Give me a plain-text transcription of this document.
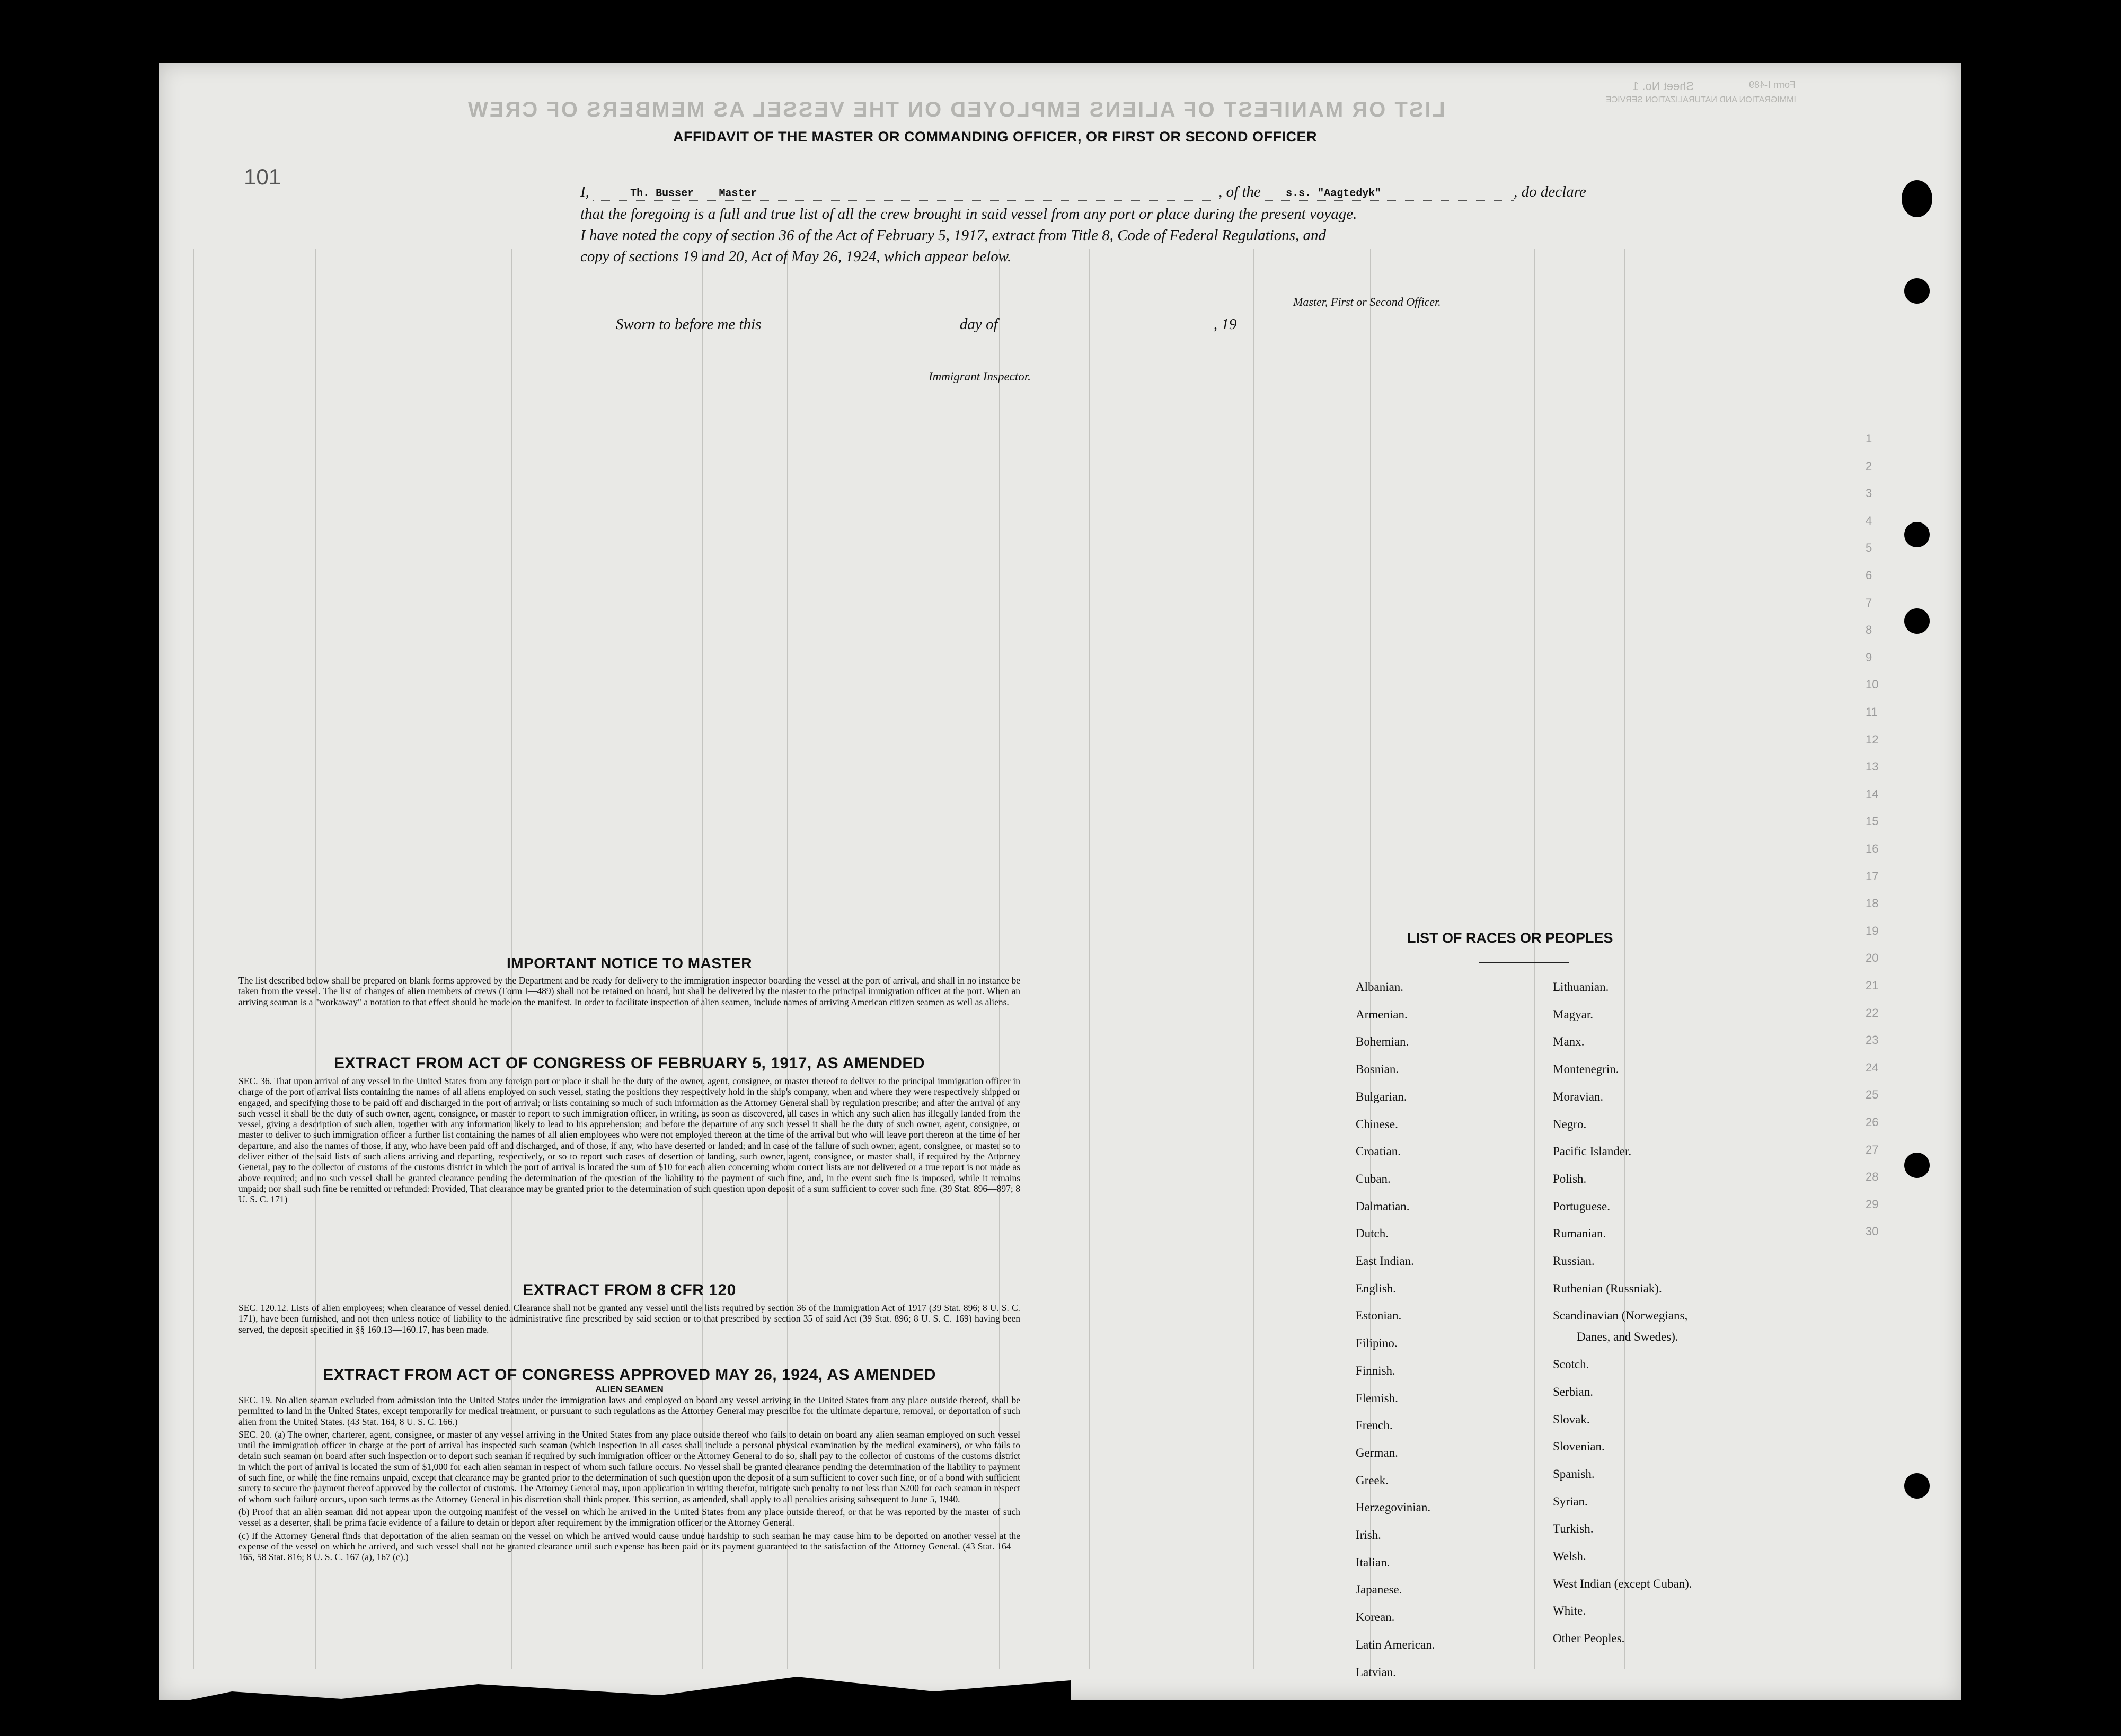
LIST OR MANIFEST OF ALIENS EMPLOYED ON THE VESSEL AS MEMBERS OF CREW
Sheet No. 1	Form I-489
IMMIGRATION AND NATURALIZATION SERVICE
101
1
2
3
4
5
6
7
8
9
10
11
12
13
14
15
16
17
18
19
20
21
22
23
24
25
26
27
28
29
30
AFFIDAVIT OF THE MASTER OR COMMANDING OFFICER, OR FIRST OR SECOND OFFICER
I,	Th. Busser Master	, of the s.s. "Aagtedyk"	, do declare
that the foregoing is a full and true list of all the crew brought in said vessel from any port or place during the present voyage.
I have noted the copy of section 36 of the Act of February 5, 1917, extract from Title 8, Code of Federal Regulations, and
copy of sections 19 and 20, Act of May 26, 1924, which appear below.
Master, First or Second Officer.
Sworn to before me this	day of	, 19
Immigrant Inspector.
IMPORTANT NOTICE TO MASTER

The list described below shall be prepared on blank forms approved by the Department and be ready for delivery to the immigration inspector boarding the vessel at the port of arrival, and shall in no instance be taken from the vessel. The list of changes of alien members of crews (Form I—489) shall not be retained on board, but shall be delivered by the master to the principal immigration officer at the port. When an arriving seaman is a "workaway" a notation to that effect should be made on the manifest. In order to facilitate inspection of alien seamen, include names of arriving American citizen seamen as well as aliens.

EXTRACT FROM ACT OF CONGRESS OF FEBRUARY 5, 1917, AS AMENDED

SEC. 36. That upon arrival of any vessel in the United States from any foreign port or place it shall be the duty of the owner, agent, consignee, or master thereof to deliver to the principal immigration officer in charge of the port of arrival lists containing the names of all aliens employed on such vessel, stating the positions they respectively hold in the ship's company, when and where they were respectively shipped or engaged, and specifying those to be paid off and discharged in the port of arrival; or lists containing so much of such information as the Attorney General shall by regulation prescribe; and after the arrival of any such vessel it shall be the duty of such owner, agent, consignee, or master to report to such immigration officer, in writing, as soon as discovered, all cases in which any such alien has illegally landed from the vessel, giving a description of such alien, together with any information likely to lead to his apprehension; and before the departure of any such vessel it shall be the duty of such owner, agent, consignee, or master to deliver to such immigration officer a further list containing the names of all alien employees who were not employed thereon at the time of the arrival but who will leave port thereon at the time of her departure, and also the names of those, if any, who have been paid off and discharged, and of those, if any, who have deserted or landed; and in case of the failure of such owner, agent, consignee, or master so to deliver either of the said lists of such aliens arriving and departing, respectively, or so to report such cases of desertion or landing, such owner, agent, consignee, or master shall, if required by the Attorney General, pay to the collector of customs of the customs district in which the port of arrival is located the sum of $10 for each alien concerning whom correct lists are not delivered or a true report is not made as above required; and no such vessel shall be granted clearance pending the determination of the question of the liability to the payment of such fine, and, in the event such fine is imposed, while it remains unpaid; nor shall such fine be remitted or refunded: Provided, That clearance may be granted prior to the determination of such question upon deposit of a sum sufficient to cover such fine. (39 Stat. 896—897; 8 U. S. C. 171)

EXTRACT FROM 8 CFR 120

SEC. 120.12. Lists of alien employees; when clearance of vessel denied. Clearance shall not be granted any vessel until the lists required by section 36 of the Immigration Act of 1917 (39 Stat. 896; 8 U. S. C. 171), have been furnished, and not then unless notice of liability to the administrative fine prescribed by said section or to that prescribed by section 35 of said Act (39 Stat. 896; 8 U. S. C. 169) having been served, the deposit specified in §§ 160.13—160.17, has been made.

EXTRACT FROM ACT OF CONGRESS APPROVED MAY 26, 1924, AS AMENDED
ALIEN SEAMEN

SEC. 19. No alien seaman excluded from admission into the United States under the immigration laws and employed on board any vessel arriving in the United States from any place outside thereof, shall be permitted to land in the United States, except temporarily for medical treatment, or pursuant to such regulations as the Attorney General may prescribe for the ultimate departure, removal, or deportation of such alien from the United States. (43 Stat. 164, 8 U. S. C. 166.)

SEC. 20. (a) The owner, charterer, agent, consignee, or master of any vessel arriving in the United States from any place outside thereof who fails to detain on board any alien seaman employed on such vessel until the immigration officer in charge at the port of arrival has inspected such seaman (which inspection in all cases shall include a personal physical examination by the medical examiners), or who fails to detain such seaman on board after such inspection or to deport such seaman if required by such immigration officer or the Attorney General to do so, shall pay to the collector of customs of the customs district in which the port of arrival is located the sum of $1,000 for each alien seaman in respect of whom such failure occurs. No vessel shall be granted clearance pending the determination of the liability to payment of such fine, or while the fine remains unpaid, except that clearance may be granted prior to the determination of such question upon the deposit of a sum sufficient to cover such fine, or of a bond with sufficient surety to secure the payment thereof approved by the collector of customs. The Attorney General may, upon application in writing therefor, mitigate such penalty to not less than $200 for each seaman in respect of whom such failure occurs, upon such terms as the Attorney General in his discretion shall think proper. This section, as amended, shall apply to all penalties arising subsequent to June 5, 1940.

(b) Proof that an alien seaman did not appear upon the outgoing manifest of the vessel on which he arrived in the United States from any place outside thereof, or that he was reported by the master of such vessel as a deserter, shall be prima facie evidence of a failure to detain or deport after requirement by the immigration officer or the Attorney General.

(c) If the Attorney General finds that deportation of the alien seaman on the vessel on which he arrived would cause undue hardship to such seaman he may cause him to be deported on another vessel at the expense of the vessel on which he arrived, and such vessel shall not be granted clearance until such expense has been paid or its payment guaranteed to the satisfaction of the Attorney General. (43 Stat. 164—165, 58 Stat. 816; 8 U. S. C. 167 (a), 167 (c).)

LIST OF RACES OR PEOPLES
Albanian.
Armenian.
Bohemian.
Bosnian.
Bulgarian.
Chinese.
Croatian.
Cuban.
Dalmatian.
Dutch.
East Indian.
English.
Estonian.
Filipino.
Finnish.
Flemish.
French.
German.
Greek.
Herzegovinian.
Irish.
Italian.
Japanese.
Korean.
Latin American.
Latvian.
Lithuanian.
Magyar.
Manx.
Montenegrin.
Moravian.
Negro.
Pacific Islander.
Polish.
Portuguese.
Rumanian.
Russian.
Ruthenian (Russniak).
Scandinavian (Norwegians,
Danes, and Swedes).
Scotch.
Serbian.
Slovak.
Slovenian.
Spanish.
Syrian.
Turkish.
Welsh.
West Indian (except Cuban).
White.
Other Peoples.
